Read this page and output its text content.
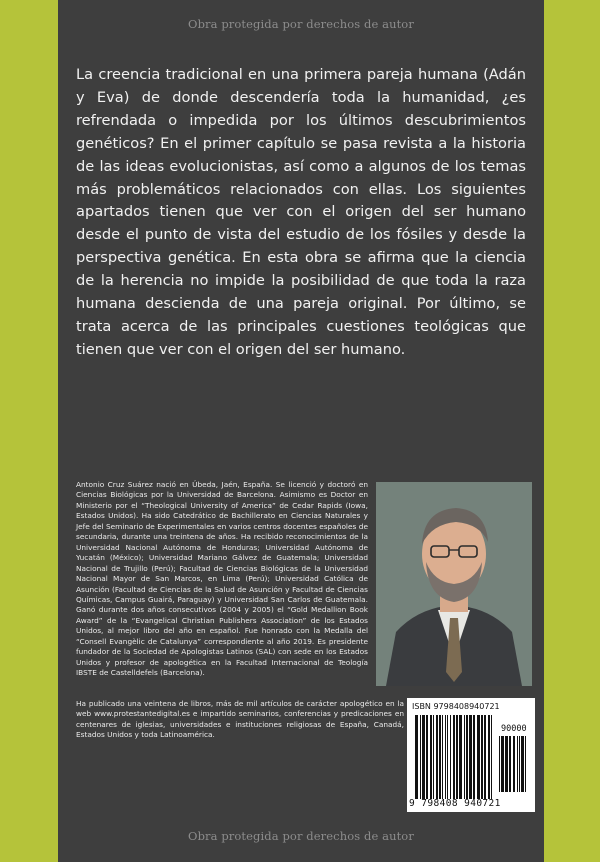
Obra protegida por derechos de autor

La creencia tradicional en una primera pareja humana (Adán y Eva) de donde descendería toda la humanidad, ¿es refrendada o impedida por los últimos descubrimientos genéticos? En el primer capítulo se pasa revista a la historia de las ideas evolucionistas, así como a algunos de los temas más problemáticos relacionados con ellas. Los siguientes apartados tienen que ver con el origen del ser humano desde el punto de vista del estudio de los fósiles y desde la perspectiva genética. En esta obra se afirma que la ciencia de la herencia no impide la posibilidad de que toda la raza humana descienda de una pareja original. Por último, se trata acerca de las principales cuestiones teológicas que tienen que ver con el origen del ser humano.

Antonio Cruz Suárez nació en Úbeda, Jaén, España. Se licenció y doctoró en Ciencias Biológicas por la Universidad de Barcelona. Asimismo es Doctor en Ministerio por el “Theological University of America” de Cedar Rapids (Iowa, Estados Unidos). Ha sido Catedrático de Bachillerato en Ciencias Naturales y Jefe del Seminario de Experimentales en varios centros docentes españoles de secundaria, durante una treintena de años. Ha recibido reconocimientos de la Universidad Nacional Autónoma de Honduras; Universidad Autónoma de Yucatán (México); Universidad Mariano Gálvez de Guatemala; Universidad Nacional de Trujillo (Perú); Facultad de Ciencias Biológicas de la Universidad Nacional Mayor de San Marcos, en Lima (Perú); Universidad Católica de Asunción (Facultad de Ciencias de la Salud de Asunción y Facultad de Ciencias Químicas, Campus Guairá, Paraguay) y Universidad San Carlos de Guatemala. Ganó durante dos años consecutivos (2004 y 2005) el “Gold Medallion Book Award” de la “Evangelical Christian Publishers Association” de los Estados Unidos, al mejor libro del año en español. Fue honrado con la Medalla del “Consell Evangèlic de Catalunya” correspondiente al año 2019. Es presidente fundador de la Sociedad de Apologistas Latinos (SAL) con sede en los Estados Unidos y profesor de apologética en la Facultad Internacional de Teología IBSTE de Castelldefels (Barcelona).

Ha publicado una veintena de libros, más de mil artículos de carácter apologético en la web www.protestantedigital.es e impartido seminarios, conferencias y predicaciones en centenares de iglesias, universidades e instituciones religiosas de España, Canadá, Estados Unidos y toda Latinoamérica.

ISBN 9798408940721
90000
9 798408 940721
Obra protegida por derechos de autor
